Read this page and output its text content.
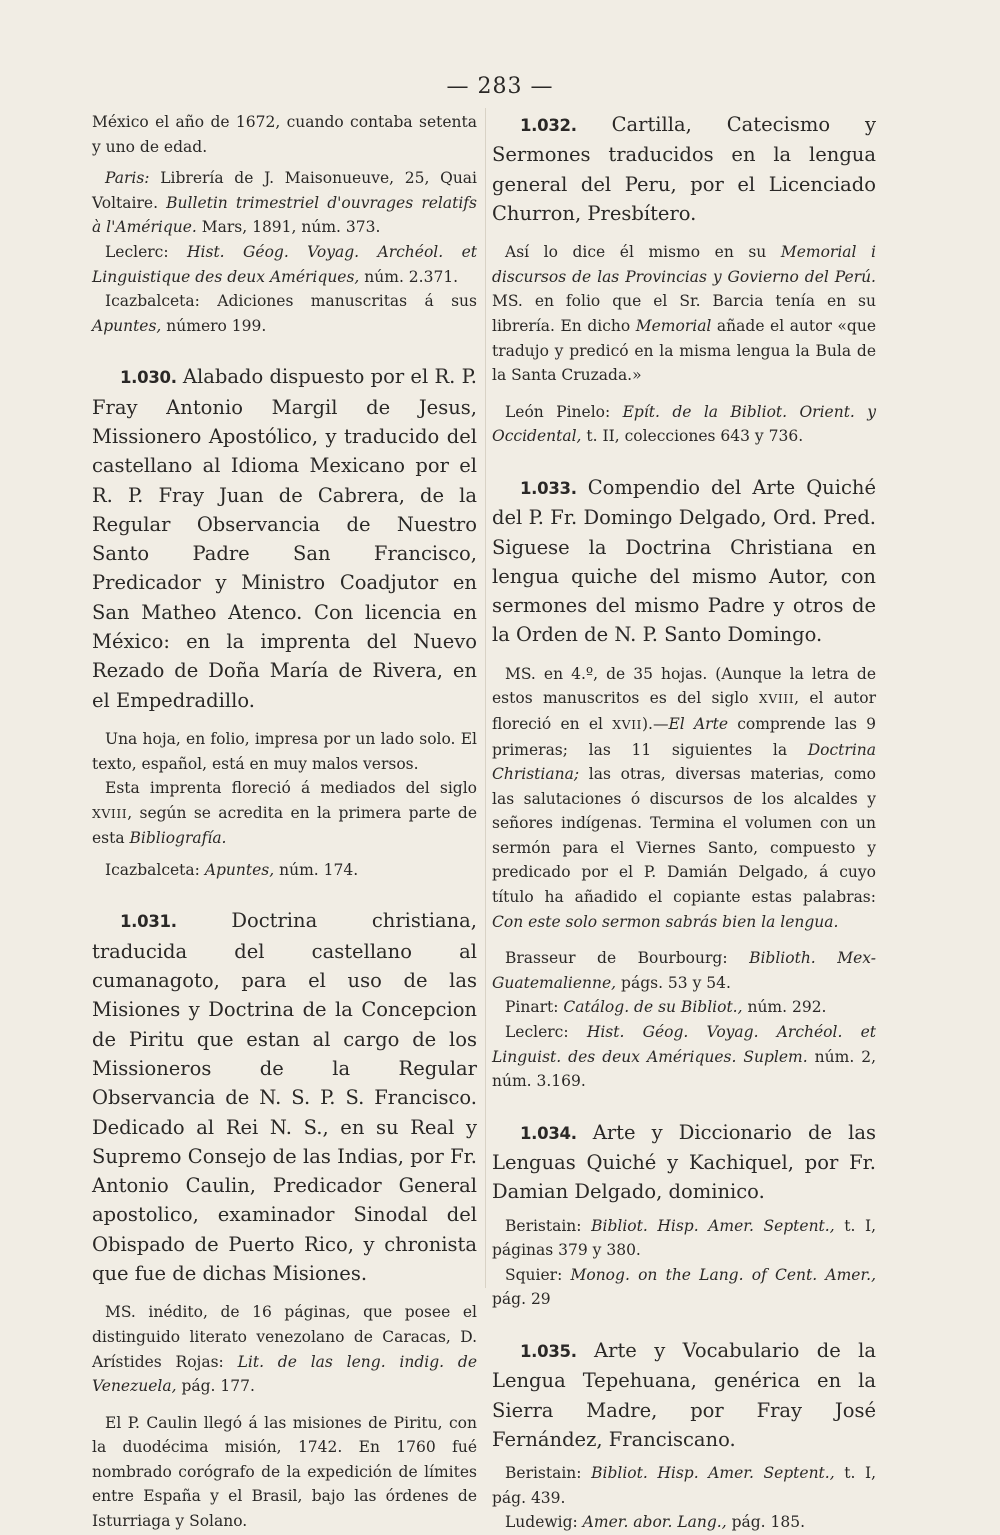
— 283 —

México el año de 1672, cuando contaba setenta y uno de edad.

Paris: Librería de J. Maisonueuve, 25, Quai Voltaire. Bulletin trimestriel d'ouvrages relatifs à l'Amérique. Mars, 1891, núm. 373.

Leclerc: Hist. Géog. Voyag. Archéol. et Linguistique des deux Amériques, núm. 2.371.

Icazbalceta: Adiciones manuscritas á sus Apuntes, número 199.

1.030. Alabado dispuesto por el R. P. Fray Antonio Margil de Jesus, Missionero Apostólico, y traducido del castellano al Idioma Mexicano por el R. P. Fray Juan de Cabrera, de la Regular Observancia de Nuestro Santo Padre San Francisco, Predicador y Ministro Coadjutor en San Matheo Atenco. Con licencia en México: en la imprenta del Nuevo Rezado de Doña María de Rivera, en el Empedradillo.

Una hoja, en folio, impresa por un lado solo. El texto, español, está en muy malos versos.

Esta imprenta floreció á mediados del siglo XVIII, según se acredita en la primera parte de esta Bibliografía.

Icazbalceta: Apuntes, núm. 174.

1.031. Doctrina christiana, traducida del castellano al cumanagoto, para el uso de las Misiones y Doctrina de la Concepcion de Piritu que estan al cargo de los Missioneros de la Regular Observancia de N. S. P. S. Francisco. Dedicado al Rei N. S., en su Real y Supremo Consejo de las Indias, por Fr. Antonio Caulin, Predicador General apostolico, examinador Sinodal del Obispado de Puerto Rico, y chronista que fue de dichas Misiones.

MS. inédito, de 16 páginas, que posee el distinguido literato venezolano de Caracas, D. Arístides Rojas: Lit. de las leng. indig. de Venezuela, pág. 177.

El P. Caulin llegó á las misiones de Piritu, con la duodécima misión, 1742. En 1760 fué nombrado corógrafo de la expedición de límites entre España y el Brasil, bajo las órdenes de Isturriaga y Solano.

1.032. Cartilla, Catecismo y Sermones traducidos en la lengua general del Peru, por el Licenciado Churron, Presbítero.

Así lo dice él mismo en su Memorial i discursos de las Provincias y Govierno del Perú. MS. en folio que el Sr. Barcia tenía en su librería. En dicho Memorial añade el autor «que tradujo y predicó en la misma lengua la Bula de la Santa Cruzada.»

León Pinelo: Epít. de la Bibliot. Orient. y Occidental, t. II, colecciones 643 y 736.

1.033. Compendio del Arte Quiché del P. Fr. Domingo Delgado, Ord. Pred. Siguese la Doctrina Christiana en lengua quiche del mismo Autor, con sermones del mismo Padre y otros de la Orden de N. P. Santo Domingo.

MS. en 4.º, de 35 hojas. (Aunque la letra de estos manuscritos es del siglo XVIII, el autor floreció en el XVII).—El Arte comprende las 9 primeras; las 11 siguientes la Doctrina Christiana; las otras, diversas materias, como las salutaciones ó discursos de los alcaldes y señores indígenas. Termina el volumen con un sermón para el Viernes Santo, compuesto y predicado por el P. Damián Delgado, á cuyo título ha añadido el copiante estas palabras: Con este solo sermon sabrás bien la lengua.

Brasseur de Bourbourg: Biblioth. Mex-Guatemalienne, págs. 53 y 54.

Pinart: Catálog. de su Bibliot., núm. 292.

Leclerc: Hist. Géog. Voyag. Archéol. et Linguist. des deux Amériques. Suplem. núm. 2, núm. 3.169.

1.034. Arte y Diccionario de las Lenguas Quiché y Kachiquel, por Fr. Damian Delgado, dominico.

Beristain: Bibliot. Hisp. Amer. Septent., t. I, páginas 379 y 380.

Squier: Monog. on the Lang. of Cent. Amer., pág. 29

1.035. Arte y Vocabulario de la Lengua Tepehuana, genérica en la Sierra Madre, por Fray José Fernández, Franciscano.

Beristain: Bibliot. Hisp. Amer. Septent., t. I, pág. 439.

Ludewig: Amer. abor. Lang., pág. 185.
